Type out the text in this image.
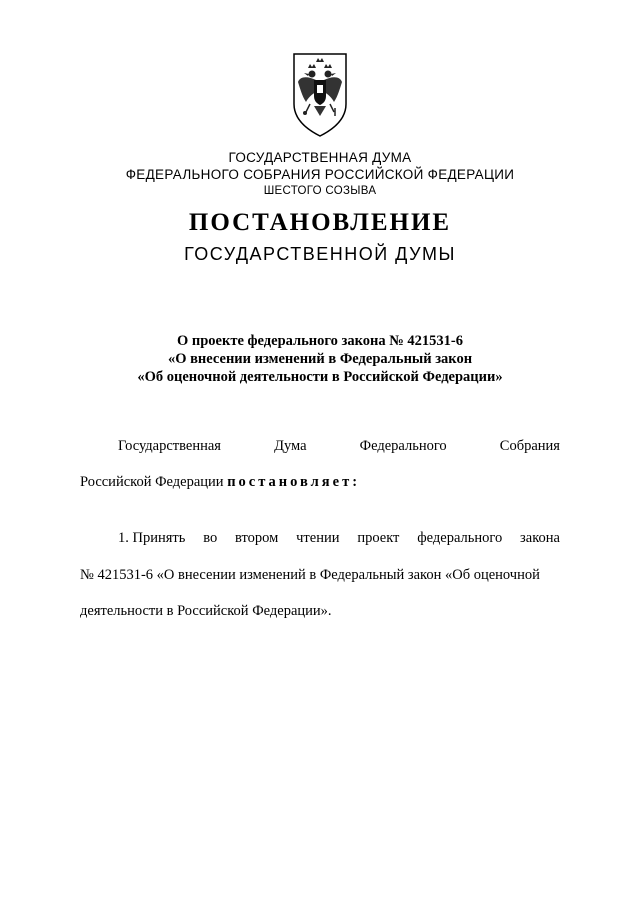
ГОСУДАРСТВЕННАЯ ДУМА
ФЕДЕРАЛЬНОГО СОБРАНИЯ РОССИЙСКОЙ ФЕДЕРАЦИИ
ШЕСТОГО СОЗЫВА
ПОСТАНОВЛЕНИЕ
ГОСУДАРСТВЕННОЙ ДУМЫ
О проекте федерального закона № 421531-6
«О внесении изменений в Федеральный закон
«Об оценочной деятельности в Российской Федерации»
Государственная	Дума	Федерального	Собрания
Российской Федерации постановляет:
1. Принять во втором чтении проект федерального закона
№ 421531-6 «О внесении изменений в Федеральный закон «Об оценочной
деятельности в Российской Федерации».
